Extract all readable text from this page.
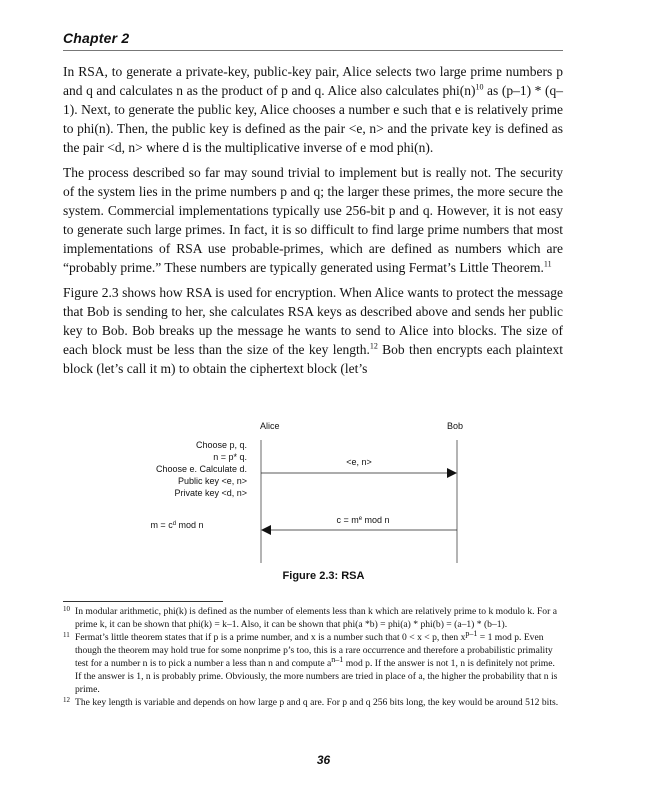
Chapter 2

In RSA, to generate a private-key, public-key pair, Alice selects two large prime numbers p and q and calculates n as the product of p and q. Alice also calculates $phi(n)^{10}$ as (p–1) * (q–1). Next, to generate the public key, Alice chooses a number e such that e is relatively prime to phi(n). Then, the public key is defined as the pair <e, n> and the private key is defined as the pair <d, n> where d is the multiplicative inverse of e mod phi(n).

The process described so far may sound trivial to implement but is really not. The security of the system lies in the prime numbers p and q; the larger these primes, the more secure the system. Commercial implementations typically use 256-bit p and q. However, it is not easy to generate such large primes. In fact, it is so difficult to find large prime numbers that most implementations of RSA use probable-primes, which are defined as numbers which are “probably prime.” These numbers are typically generated using Fermat’s Little Theorem.$^{11}$

Figure 2.3 shows how RSA is used for encryption. When Alice wants to protect the message that Bob is sending to her, she calculates RSA keys as described above and sends her public key to Bob. Bob breaks up the message he wants to send to Alice into blocks. The size of each block must be less than the size of the key length.$^{12}$ Bob then encrypts each plaintext block (let’s call it m) to obtain the ciphertext block (let’s

Alice	Bob
Choose p, q.
n = p* q.
Choose e. Calculate d.
Public key <e, n>
Private key <d, n>
<e, n>
$c = m^e$ mod n
$m = c^d$ mod n
Figure 2.3: RSA

10 In modular arithmetic, phi(k) is defined as the number of elements less than k which are relatively prime to k modulo k. For a prime k, it can be shown that phi(k) = k–1. Also, it can be shown that phi(a *b) = phi(a) * phi(b) = (a–1) * (b–1).

11 Fermat’s little theorem states that if p is a prime number, and x is a number such that 0 < x < p, then $x^{p-1} = 1$ mod p. Even though the theorem may hold true for some nonprime p’s too, this is a rare occurrence and therefore a probabilistic primality test for a number n is to pick a number a less than n and compute $a^{n-1}$ mod p. If the answer is not 1, n is definitely not prime. If the answer is 1, n is probably prime. Obviously, the more numbers are tried in place of a, the higher the probability that n is prime.

12 The key length is variable and depends on how large p and q are. For p and q 256 bits long, the key would be around 512 bits.

36
